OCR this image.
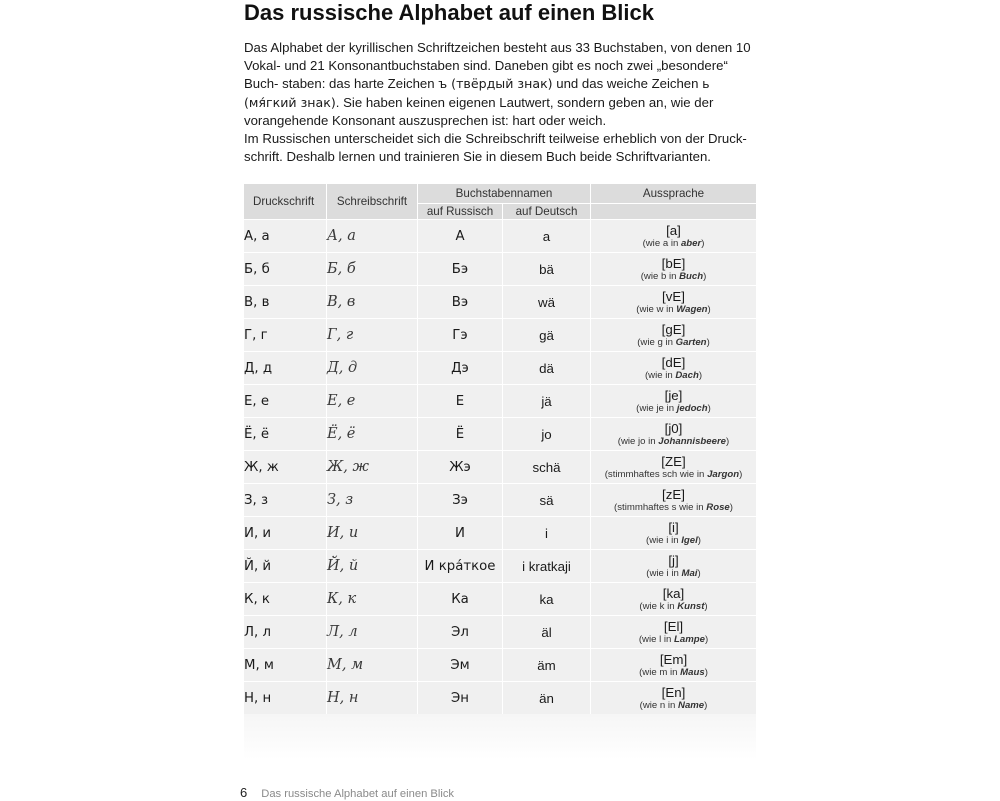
Das russische Alphabet auf einen Blick

Das Alphabet der kyrillischen Schriftzeichen besteht aus 33 Buchstaben, von denen 10 Vokal- und 21 Konsonantbuchstaben sind. Daneben gibt es noch zwei „besondere“ Buch- staben: das harte Zeichen ъ (твёрдый знак) und das weiche Zeichen ь (мя́гкий знак). Sie haben keinen eigenen Lautwert, sondern geben an, wie der vorangehende Konsonant auszusprechen ist: hart oder weich.

Im Russischen unterscheidet sich die Schreibschrift teilweise erheblich von der Druck- schrift. Deshalb lernen und trainieren Sie in diesem Buch beide Schriftvarianten.

Druckschrift	Schreibschrift	Buchstabennamen		Aussprache
		auf Russisch	auf Deutsch	
А, а	А, а	А	a	[a]
(wie a in aber)

Б, б	Б, б	Бэ	bä	[bE]
(wie b in Buch)

В, в	В, в	Вэ	wä	[vE]
(wie w in Wagen)

Г, г	Г, г	Гэ	gä	[gE]
(wie g in Garten)

Д, д	Д, д	Дэ	dä	[dE]
(wie in Dach)

Е, е	Е, е	Е	jä	[je]
(wie je in jedoch)

Ё, ё	Ё, ё	Ё	jo	[j0]
(wie jo in Johannisbeere)

Ж, ж	Ж, ж	Жэ	schä	[ZE]
(stimmhaftes sch wie in Jargon)

З, з	З, з	Зэ	sä	[zE]
(stimmhaftes s wie in Rose)

И, и	И, и	И	i	[i]
(wie i in Igel)

Й, й	Й, й	И кра́ткое	i kratkaji	[j]
(wie i in Mai)

К, к	К, к	Ка	ka	[ka]
(wie k in Kunst)

Л, л	Л, л	Эл	äl	[El]
(wie l in Lampe)

М, м	М, м	Эм	äm	[Em]
(wie m in Maus)

Н, н	Н, н	Эн	än	[En]
(wie n in Name)
6 Das russische Alphabet auf einen Blick
